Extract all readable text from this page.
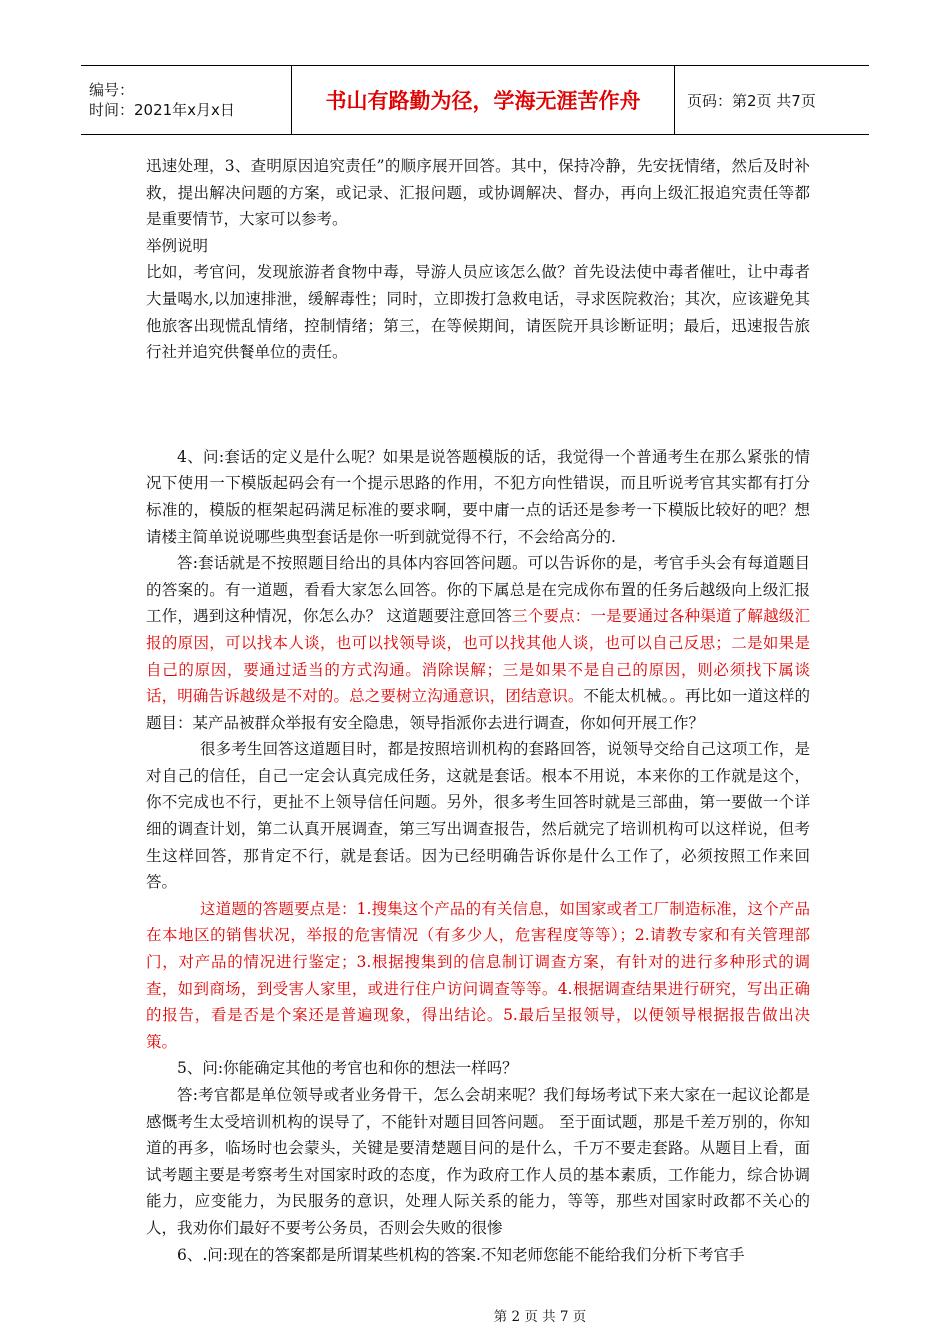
编号：
时间：2021年x月x日	书山有路勤为径，学海无涯苦作舟	页码：第2页 共7页

迅速处理，3、查明原因追究责任”的顺序展开回答。其中，保持冷静，先安抚情绪，然后及时补救，提出解决问题的方案，或记录、汇报问题，或协调解决、督办，再向上级汇报追究责任等都是重要情节，大家可以参考。

举例说明

比如，考官问，发现旅游者食物中毒，导游人员应该怎么做？首先设法使中毒者催吐，让中毒者大量喝水,以加速排泄，缓解毒性；同时，立即拨打急救电话，寻求医院救治；其次，应该避免其他旅客出现慌乱情绪，控制情绪；第三，在等候期间，请医院开具诊断证明；最后，迅速报告旅行社并追究供餐单位的责任。

4、问:套话的定义是什么呢？如果是说答题模版的话，我觉得一个普通考生在那么紧张的情况下使用一下模版起码会有一个提示思路的作用，不犯方向性错误，而且听说考官其实都有打分标准的，模版的框架起码满足标准的要求啊，要中庸一点的话还是参考一下模版比较好的吧？想请楼主简单说说哪些典型套话是你一听到就觉得不行，不会给高分的.

答:套话就是不按照题目给出的具体内容回答问题。可以告诉你的是，考官手头会有每道题目的答案的。有一道题，看看大家怎么回答。你的下属总是在完成你布置的任务后越级向上级汇报工作，遇到这种情况，你怎么办？ 这道题要注意回答三个要点：一是要通过各种渠道了解越级汇报的原因，可以找本人谈，也可以找领导谈，也可以找其他人谈，也可以自己反思；二是如果是自己的原因，要通过适当的方式沟通。消除误解；三是如果不是自己的原因，则必须找下属谈话，明确告诉越级是不对的。总之要树立沟通意识，团结意识。不能太机械。。再比如一道这样的题目：某产品被群众举报有安全隐患，领导指派你去进行调查，你如何开展工作？

很多考生回答这道题目时，都是按照培训机构的套路回答，说领导交给自己这项工作，是对自己的信任，自己一定会认真完成任务，这就是套话。根本不用说，本来你的工作就是这个，你不完成也不行，更扯不上领导信任问题。另外，很多考生回答时就是三部曲，第一要做一个详细的调查计划，第二认真开展调查，第三写出调查报告，然后就完了培训机构可以这样说，但考生这样回答，那肯定不行，就是套话。因为已经明确告诉你是什么工作了，必须按照工作来回答。

这道题的答题要点是：1.搜集这个产品的有关信息，如国家或者工厂制造标准，这个产品在本地区的销售状况，举报的危害情况（有多少人，危害程度等等）；2.请教专家和有关管理部门，对产品的情况进行鉴定；3.根据搜集到的信息制订调查方案，有针对的进行多种形式的调查，如到商场，到受害人家里，或进行住户访问调查等等。4.根据调查结果进行研究，写出正确的报告，看是否是个案还是普遍现象，得出结论。5.最后呈报领导，以便领导根据报告做出决策。

5、问:你能确定其他的考官也和你的想法一样吗？

答:考官都是单位领导或者业务骨干，怎么会胡来呢？我们每场考试下来大家在一起议论都是感慨考生太受培训机构的误导了，不能针对题目回答问题。 至于面试题，那是千差万别的，你知道的再多，临场时也会蒙头，关键是要清楚题目问的是什么，千万不要走套路。从题目上看，面试考题主要是考察考生对国家时政的态度，作为政府工作人员的基本素质，工作能力，综合协调能力，应变能力，为民服务的意识，处理人际关系的能力，等等，那些对国家时政都不关心的人，我劝你们最好不要考公务员，否则会失败的很惨

6、.问:现在的答案都是所谓某些机构的答案.不知老师您能不能给我们分析下考官手

第 2 页 共 7 页
